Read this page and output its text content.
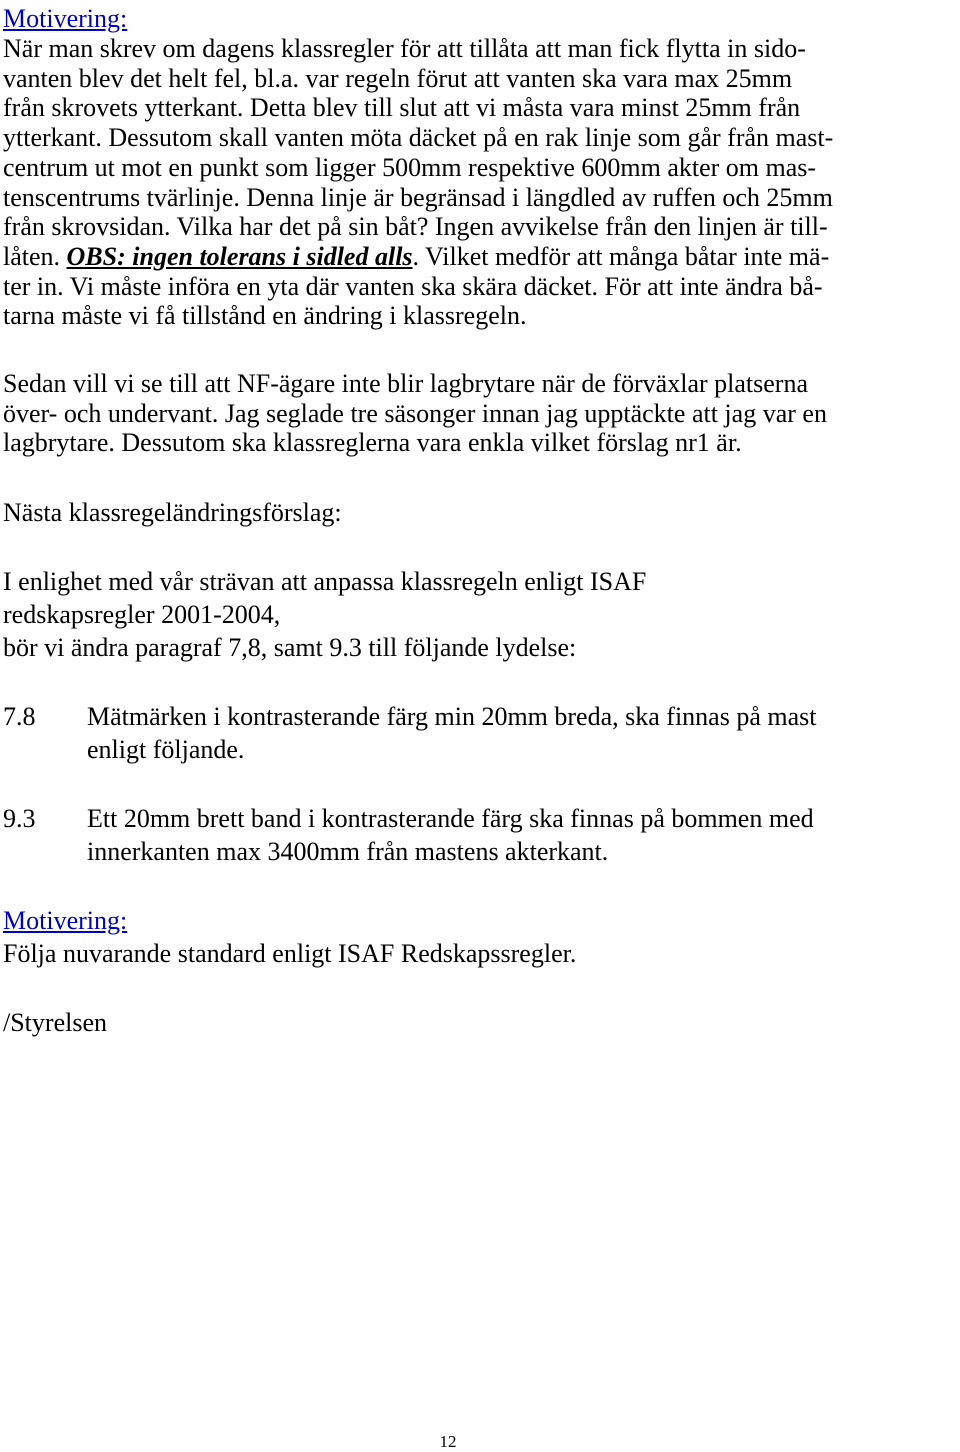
Motivering:

När man skrev om dagens klassregler för att tillåta att man fick flytta in sido-
vanten blev det helt fel, bl.a. var regeln förut att vanten ska vara max 25mm
från skrovets ytterkant. Detta blev till slut att vi måsta vara minst 25mm från
ytterkant. Dessutom skall vanten möta däcket på en rak linje som går från mast-
centrum ut mot en punkt som ligger 500mm respektive 600mm akter om mas-
tenscentrums tvärlinje. Denna linje är begränsad i längdled av ruffen och 25mm
från skrovsidan. Vilka har det på sin båt? Ingen avvikelse från den linjen är till-
låten. OBS: ingen tolerans i sidled alls. Vilket medför att många båtar inte mä-
ter in. Vi måste införa en yta där vanten ska skära däcket. För att inte ändra bå-
tarna måste vi få tillstånd en ändring i klassregeln.

Sedan vill vi se till att NF-ägare inte blir lagbrytare när de förväxlar platserna
över- och undervant. Jag seglade tre säsonger innan jag upptäckte att jag var en
lagbrytare. Dessutom ska klassreglerna vara enkla vilket förslag nr1 är.

Nästa klassregeländringsförslag:

I enlighet med vår strävan att anpassa klassregeln enligt ISAF
redskapsregler 2001-2004,
bör vi ändra paragraf 7,8, samt 9.3 till följande lydelse:

7.8	Mätmärken i kontrasterande färg min 20mm breda, ska finnas på mast
enligt följande.
9.3	Ett 20mm brett band i kontrasterande färg ska finnas på bommen med
innerkanten max 3400mm från mastens akterkant.
Motivering:

Följa nuvarande standard enligt ISAF Redskapssregler.

/Styrelsen

12
